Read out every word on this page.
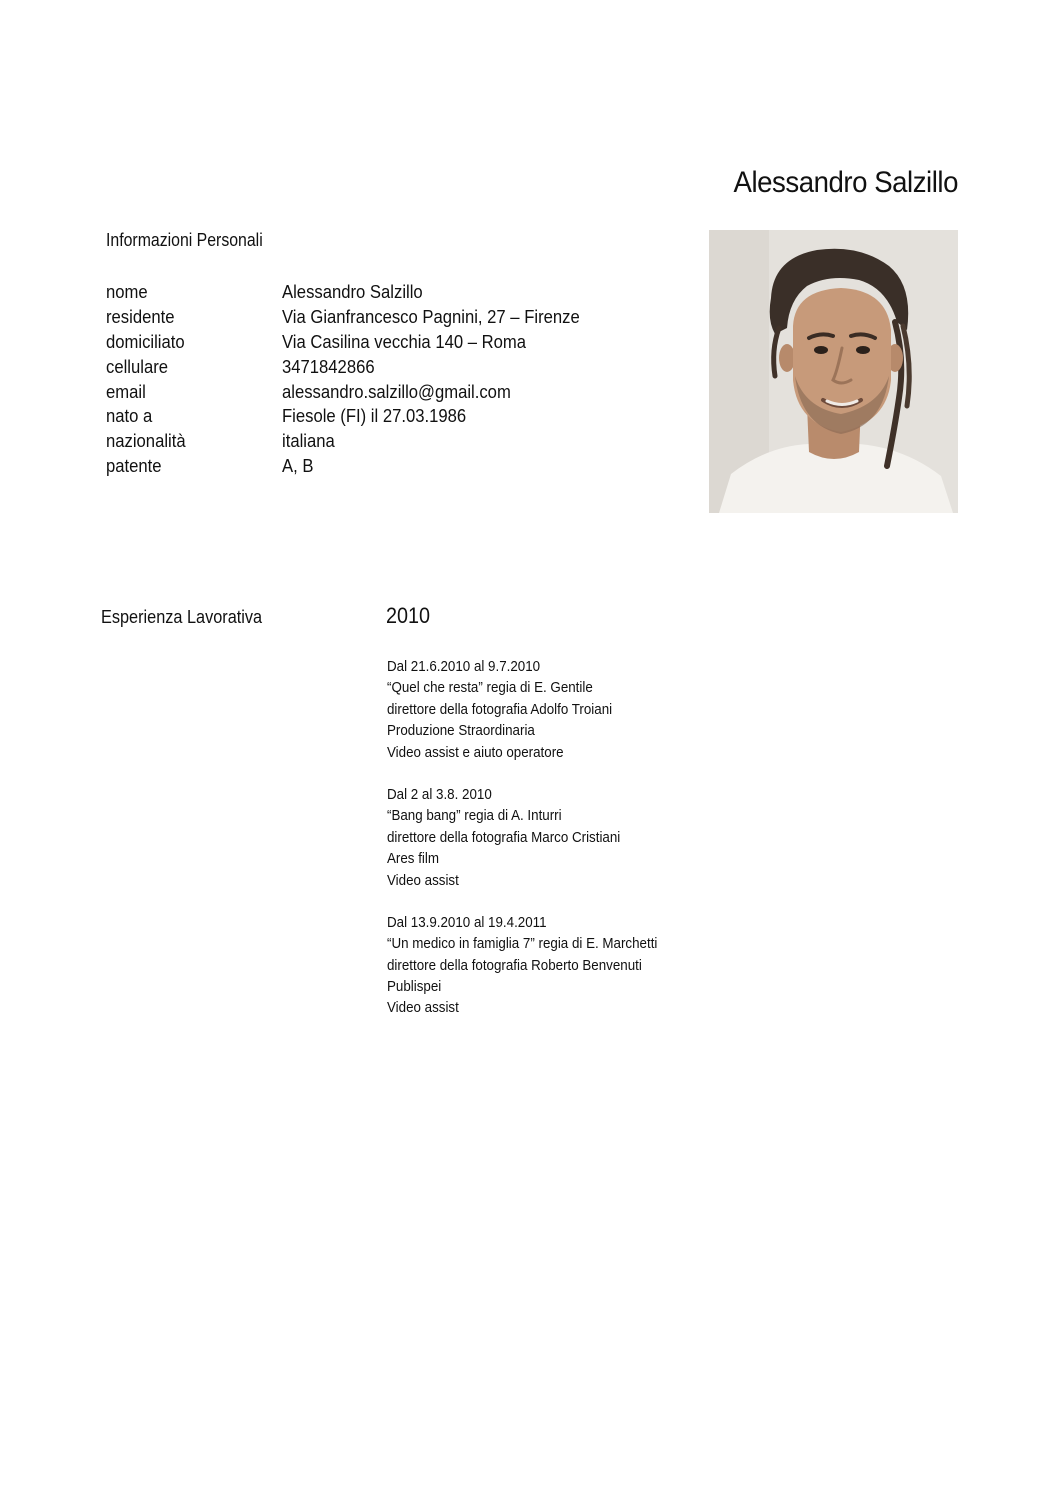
Alessandro Salzillo
Informazioni Personali
nome	Alessandro Salzillo
residente	Via Gianfrancesco Pagnini, 27 – Firenze
domiciliato	Via Casilina vecchia 140 – Roma
cellulare	3471842866
email	alessandro.salzillo@gmail.com
nato a	Fiesole (FI) il 27.03.1986
nazionalità	italiana
patente	A, B
Esperienza Lavorativa	2010
Dal 21.6.2010 al 9.7.2010
“Quel che resta” regia di E. Gentile
direttore della fotografia Adolfo Troiani
Produzione Straordinaria
Video assist e aiuto operatore
Dal 2 al 3.8. 2010
“Bang bang” regia di A. Inturri
direttore della fotografia Marco Cristiani
Ares film
Video assist
Dal 13.9.2010 al 19.4.2011
“Un medico in famiglia 7” regia di E. Marchetti
direttore della fotografia Roberto Benvenuti
Publispei
Video assist
